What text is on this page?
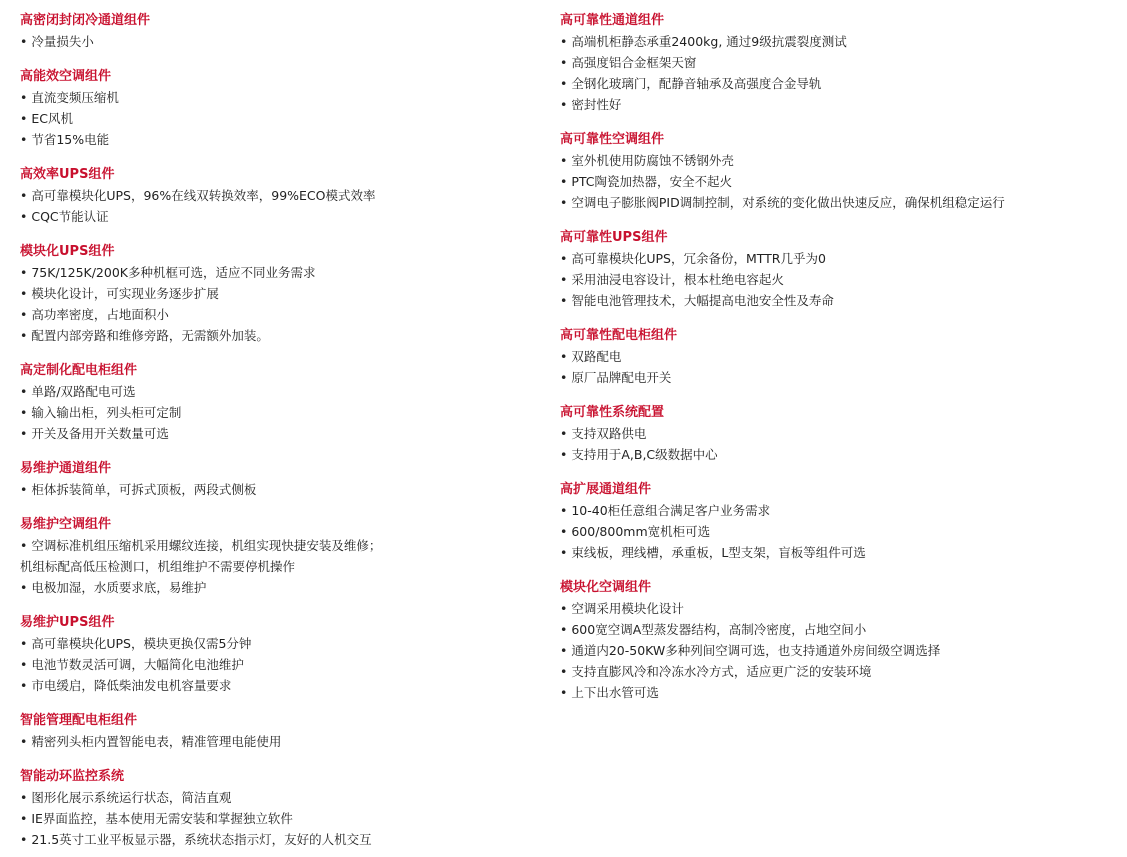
高密闭封闭冷通道组件
• 冷量损失小
高能效空调组件
• 直流变频压缩机
• EC风机
• 节省15%电能
高效率UPS组件
• 高可靠模块化UPS，96%在线双转换效率，99%ECO模式效率
• CQC节能认证
模块化UPS组件
• 75K/125K/200K多种机框可选，适应不同业务需求
• 模块化设计，可实现业务逐步扩展
• 高功率密度，占地面积小
• 配置内部旁路和维修旁路，无需额外加装。
高定制化配电柜组件
• 单路/双路配电可选
• 输入输出柜，列头柜可定制
• 开关及备用开关数量可选
易维护通道组件
• 柜体拆装简单，可拆式顶板，两段式侧板
易维护空调组件
• 空调标准机组压缩机采用螺纹连接，机组实现快捷安装及维修；
机组标配高低压检测口，机组维护不需要停机操作
• 电极加湿，水质要求底，易维护
易维护UPS组件
• 高可靠模块化UPS，模块更换仅需5分钟
• 电池节数灵活可调，大幅简化电池维护
• 市电缓启，降低柴油发电机容量要求
智能管理配电柜组件
• 精密列头柜内置智能电表，精准管理电能使用
智能动环监控系统
• 图形化展示系统运行状态，简洁直观
• IE界面监控，基本使用无需安装和掌握独立软件
• 21.5英寸工业平板显示器，系统状态指示灯，友好的人机交互
高可靠性通道组件
• 高端机柜静态承重2400kg, 通过9级抗震裂度测试
• 高强度铝合金框架天窗
• 全钢化玻璃门，配静音轴承及高强度合金导轨
• 密封性好
高可靠性空调组件
• 室外机使用防腐蚀不锈钢外壳
• PTC陶瓷加热器，安全不起火
• 空调电子膨胀阀PID调制控制，对系统的变化做出快速反应，确保机组稳定运行
高可靠性UPS组件
• 高可靠模块化UPS，冗余备份，MTTR几乎为0
• 采用油浸电容设计，根本杜绝电容起火
• 智能电池管理技术，大幅提高电池安全性及寿命
高可靠性配电柜组件
• 双路配电
• 原厂品牌配电开关
高可靠性系统配置
• 支持双路供电
• 支持用于A,B,C级数据中心
高扩展通道组件
• 10-40柜任意组合满足客户业务需求
• 600/800mm宽机柜可选
• 束线板，理线槽，承重板，L型支架，盲板等组件可选
模块化空调组件
• 空调采用模块化设计
• 600宽空调A型蒸发器结构，高制冷密度，占地空间小
• 通道内20-50KW多种列间空调可选，也支持通道外房间级空调选择
• 支持直膨风冷和冷冻水冷方式，适应更广泛的安装环境
• 上下出水管可选
